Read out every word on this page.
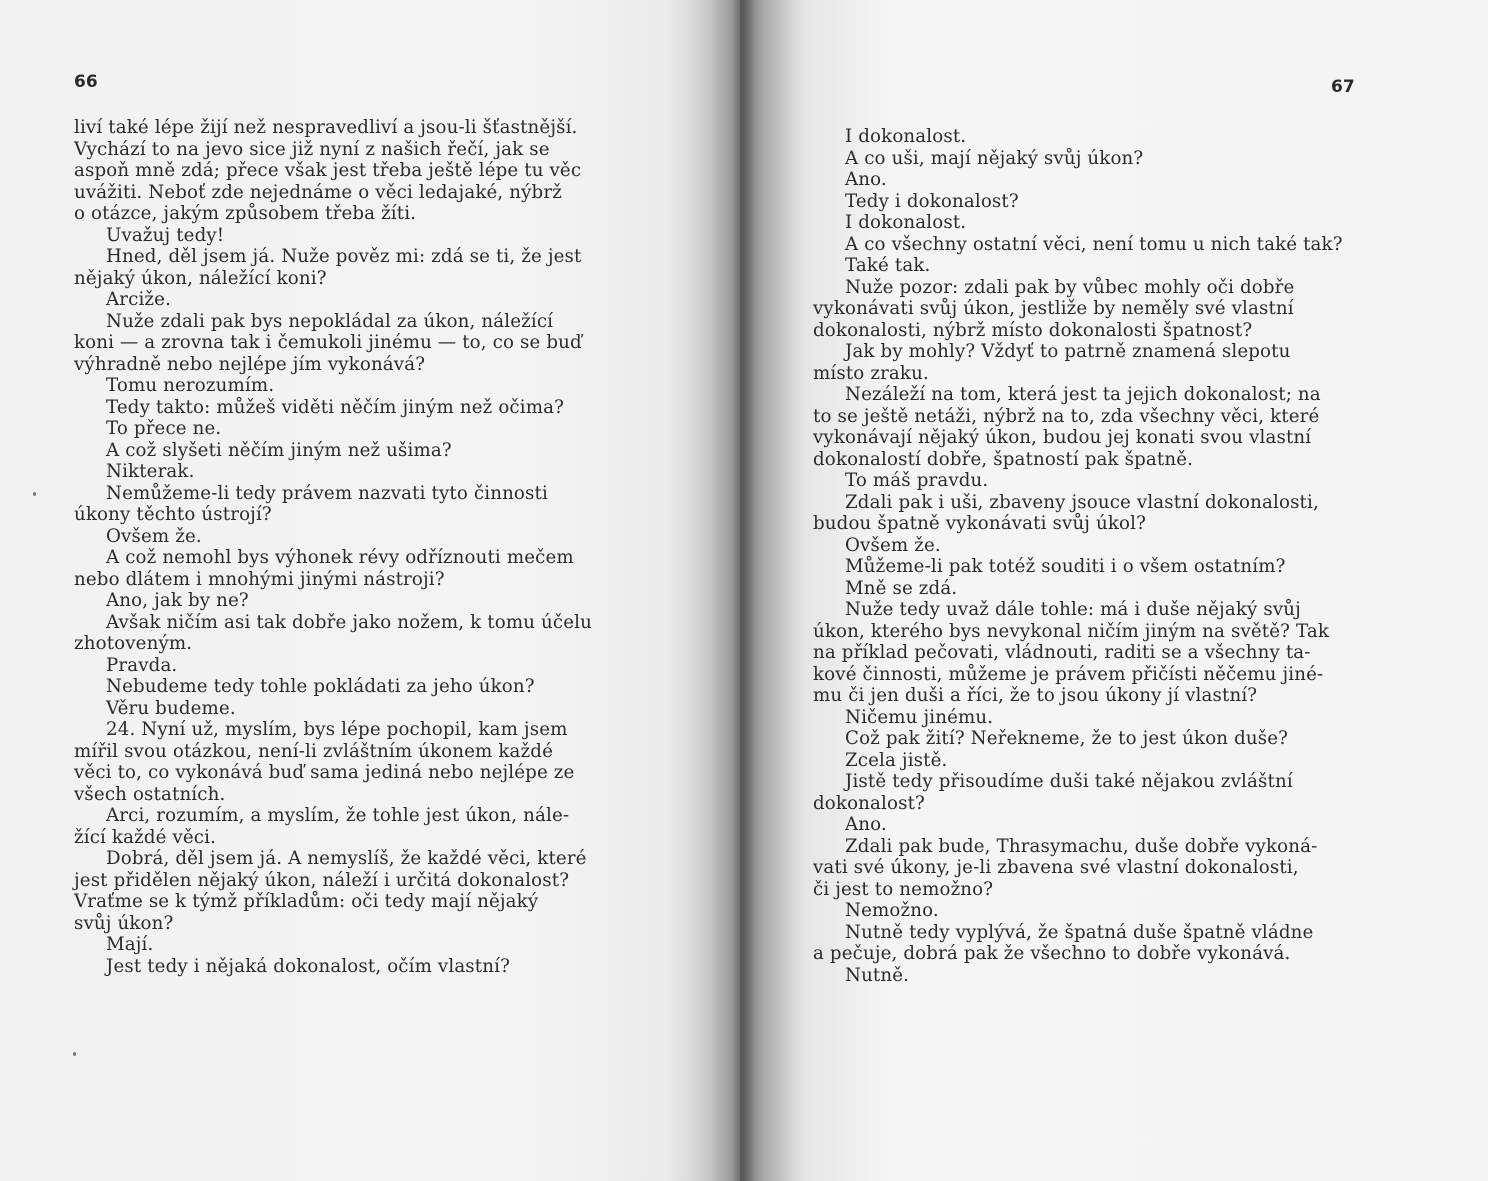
66
liví také lépe žijí než nespravedliví a jsou-li šťastnější.
Vychází to na jevo sice již nyní z našich řečí, jak se
aspoň mně zdá; přece však jest třeba ještě lépe tu věc
uvážiti. Neboť zde nejednáme o věci ledajaké, nýbrž
o otázce, jakým způsobem třeba žíti.
Uvažuj tedy!
Hned, děl jsem já. Nuže pověz mi: zdá se ti, že jest
nějaký úkon, náležící koni?
Arciže.
Nuže zdali pak bys nepokládal za úkon, náležící
koni — a zrovna tak i čemukoli jinému — to, co se buď
výhradně nebo nejlépe jím vykonává?
Tomu nerozumím.
Tedy takto: můžeš viděti něčím jiným než očima?
To přece ne.
A což slyšeti něčím jiným než ušima?
Nikterak.
Nemůžeme-li tedy právem nazvati tyto činnosti
úkony těchto ústrojí?
Ovšem že.
A což nemohl bys výhonek révy odříznouti mečem
nebo dlátem i mnohými jinými nástroji?
Ano, jak by ne?
Avšak ničím asi tak dobře jako nožem, k tomu účelu
zhotoveným.
Pravda.
Nebudeme tedy tohle pokládati za jeho úkon?
Věru budeme.
24. Nyní už, myslím, bys lépe pochopil, kam jsem
mířil svou otázkou, není-li zvláštním úkonem každé
věci to, co vykonává buď sama jediná nebo nejlépe ze
všech ostatních.
Arci, rozumím, a myslím, že tohle jest úkon, nále-
žící každé věci.
Dobrá, děl jsem já. A nemyslíš, že každé věci, které
jest přidělen nějaký úkon, náleží i určitá dokonalost?
Vraťme se k týmž příkladům: oči tedy mají nějaký
svůj úkon?
Mají.
Jest tedy i nějaká dokonalost, očím vlastní?
67
I dokonalost.
A co uši, mají nějaký svůj úkon?
Ano.
Tedy i dokonalost?
I dokonalost.
A co všechny ostatní věci, není tomu u nich také tak?
Také tak.
Nuže pozor: zdali pak by vůbec mohly oči dobře
vykonávati svůj úkon, jestliže by neměly své vlastní
dokonalosti, nýbrž místo dokonalosti špatnost?
Jak by mohly? Vždyť to patrně znamená slepotu
místo zraku.
Nezáleží na tom, která jest ta jejich dokonalost; na
to se ještě netáži, nýbrž na to, zda všechny věci, které
vykonávají nějaký úkon, budou jej konati svou vlastní
dokonalostí dobře, špatností pak špatně.
To máš pravdu.
Zdali pak i uši, zbaveny jsouce vlastní dokonalosti,
budou špatně vykonávati svůj úkol?
Ovšem že.
Můžeme-li pak totéž souditi i o všem ostatním?
Mně se zdá.
Nuže tedy uvaž dále tohle: má i duše nějaký svůj
úkon, kterého bys nevykonal ničím jiným na světě? Tak
na příklad pečovati, vládnouti, raditi se a všechny ta-
kové činnosti, můžeme je právem přičísti něčemu jiné-
mu či jen duši a říci, že to jsou úkony jí vlastní?
Ničemu jinému.
Což pak žití? Neřekneme, že to jest úkon duše?
Zcela jistě.
Jistě tedy přisoudíme duši také nějakou zvláštní
dokonalost?
Ano.
Zdali pak bude, Thrasymachu, duše dobře vykoná-
vati své úkony, je-li zbavena své vlastní dokonalosti,
či jest to nemožno?
Nemožno.
Nutně tedy vyplývá, že špatná duše špatně vládne
a pečuje, dobrá pak že všechno to dobře vykonává.
Nutně.
